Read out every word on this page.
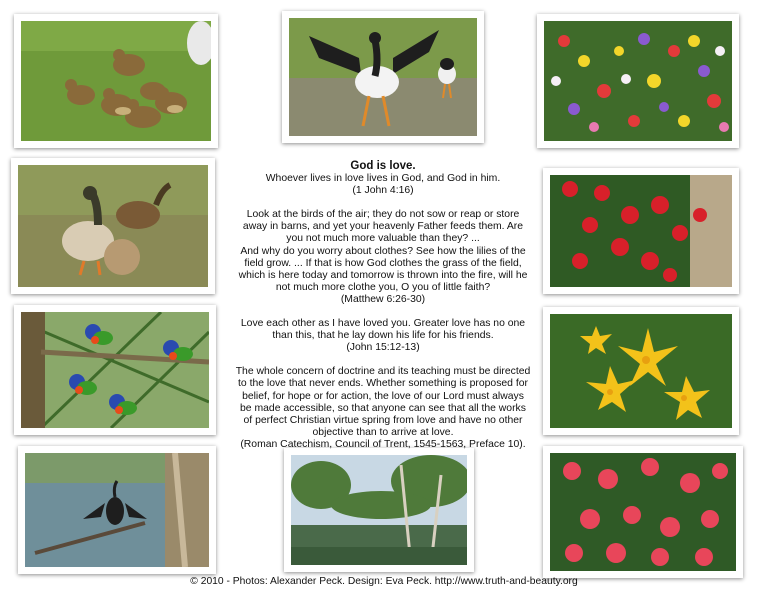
God is love.

Whoever lives in love lives in God, and God in him.
(1 John 4:16)

Look at the birds of the air; they do not sow or reap or store
away in barns, and yet your heavenly Father feeds them. Are
you not much more valuable than they? ...
And why do you worry about clothes? See how the lilies of the
field grow. ... If that is how God clothes the grass of the field,
which is here today and tomorrow is thrown into the fire, will he
not much more clothe you, O you of little faith?
(Matthew 6:26-30)

Love each other as I have loved you. Greater love has no one
than this, that he lay down his life for his friends.
(John 15:12-13)

The whole concern of doctrine and its teaching must be directed
to the love that never ends. Whether something is proposed for
belief, for hope or for action, the love of our Lord must always
be made accessible, so that anyone can see that all the works
of perfect Christian virtue spring from love and have no other
objective than to arrive at love.
(Roman Catechism, Council of Trent, 1545-1563, Preface 10).

© 2010 - Photos: Alexander Peck. Design: Eva Peck. http://www.truth-and-beauty.org
